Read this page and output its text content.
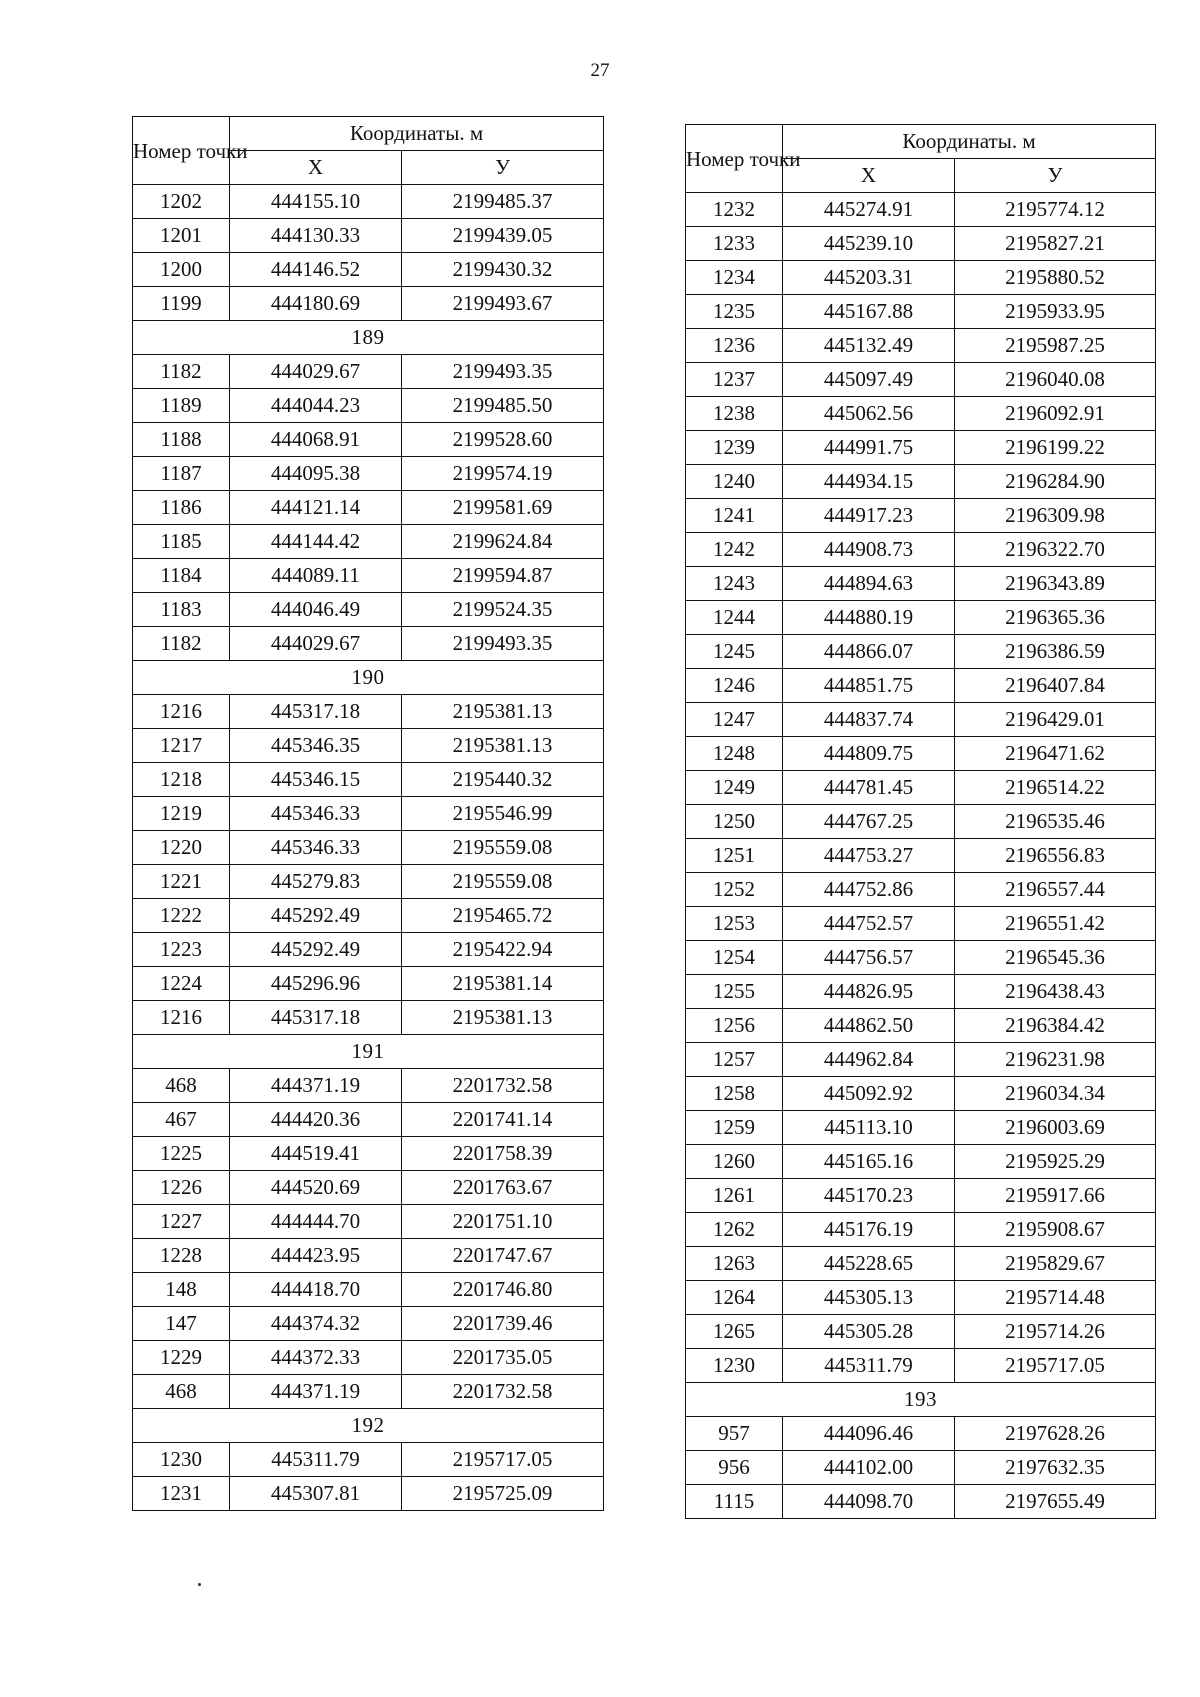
27
Номер точки	Координаты. м	
	X	У
1202	444155.10	2199485.37
1201	444130.33	2199439.05
1200	444146.52	2199430.32
1199	444180.69	2199493.67
189		
1182	444029.67	2199493.35
1189	444044.23	2199485.50
1188	444068.91	2199528.60
1187	444095.38	2199574.19
1186	444121.14	2199581.69
1185	444144.42	2199624.84
1184	444089.11	2199594.87
1183	444046.49	2199524.35
1182	444029.67	2199493.35
190		
1216	445317.18	2195381.13
1217	445346.35	2195381.13
1218	445346.15	2195440.32
1219	445346.33	2195546.99
1220	445346.33	2195559.08
1221	445279.83	2195559.08
1222	445292.49	2195465.72
1223	445292.49	2195422.94
1224	445296.96	2195381.14
1216	445317.18	2195381.13
191		
468	444371.19	2201732.58
467	444420.36	2201741.14
1225	444519.41	2201758.39
1226	444520.69	2201763.67
1227	444444.70	2201751.10
1228	444423.95	2201747.67
148	444418.70	2201746.80
147	444374.32	2201739.46
1229	444372.33	2201735.05
468	444371.19	2201732.58
192		
1230	445311.79	2195717.05
1231	445307.81	2195725.09
Номер точки	Координаты. м	
	X	У
1232	445274.91	2195774.12
1233	445239.10	2195827.21
1234	445203.31	2195880.52
1235	445167.88	2195933.95
1236	445132.49	2195987.25
1237	445097.49	2196040.08
1238	445062.56	2196092.91
1239	444991.75	2196199.22
1240	444934.15	2196284.90
1241	444917.23	2196309.98
1242	444908.73	2196322.70
1243	444894.63	2196343.89
1244	444880.19	2196365.36
1245	444866.07	2196386.59
1246	444851.75	2196407.84
1247	444837.74	2196429.01
1248	444809.75	2196471.62
1249	444781.45	2196514.22
1250	444767.25	2196535.46
1251	444753.27	2196556.83
1252	444752.86	2196557.44
1253	444752.57	2196551.42
1254	444756.57	2196545.36
1255	444826.95	2196438.43
1256	444862.50	2196384.42
1257	444962.84	2196231.98
1258	445092.92	2196034.34
1259	445113.10	2196003.69
1260	445165.16	2195925.29
1261	445170.23	2195917.66
1262	445176.19	2195908.67
1263	445228.65	2195829.67
1264	445305.13	2195714.48
1265	445305.28	2195714.26
1230	445311.79	2195717.05
193		
957	444096.46	2197628.26
956	444102.00	2197632.35
1115	444098.70	2197655.49
